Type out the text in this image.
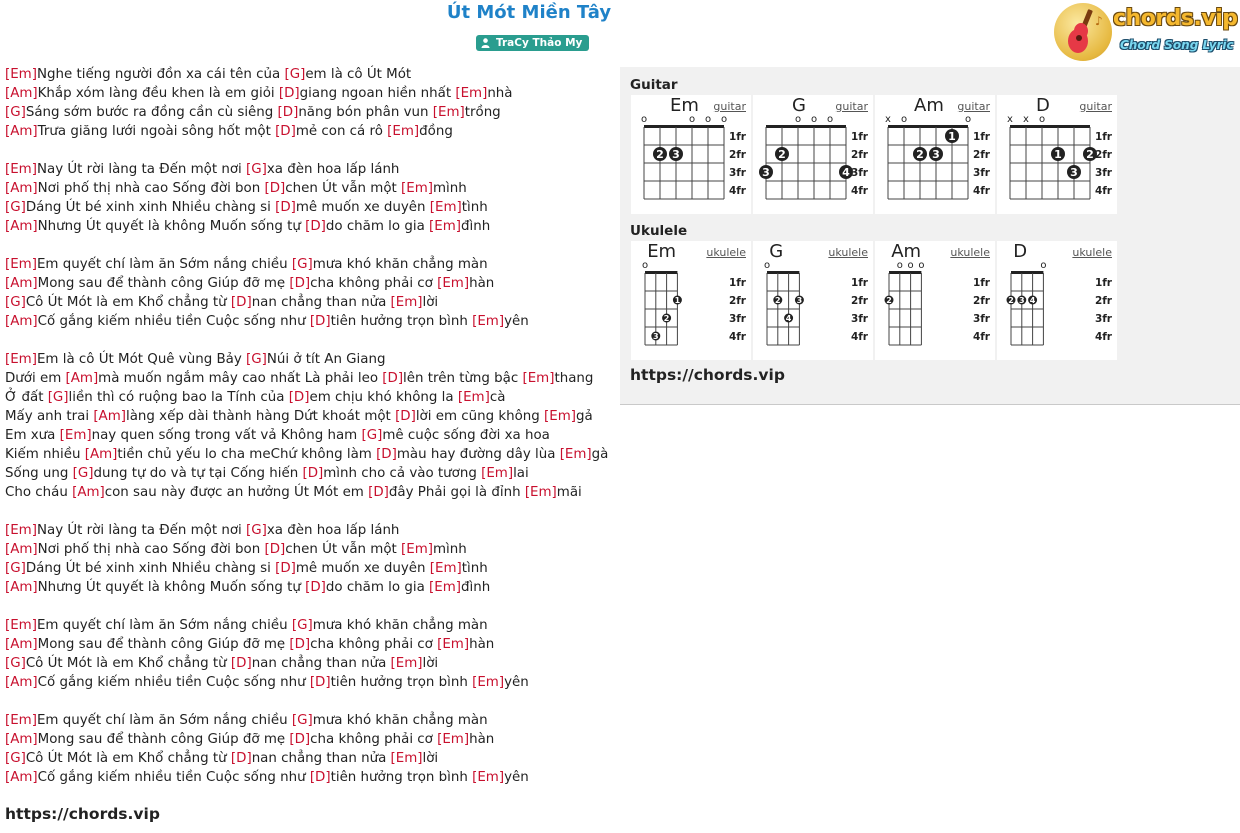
Út Mót Miền Tây
TraCy Thảo My
♪ chords.vip
Chord Song Lyric
[Em]Nghe tiếng người đồn xa cái tên của [G]em là cô Út Mót
[Am]Khắp xóm làng đều khen là em giỏi [D]giang ngoan hiền nhất [Em]nhà
[G]Sáng sớm bước ra đồng cần cù siêng [D]năng bón phân vun [Em]trồng
[Am]Trưa giăng lưới ngoài sông hốt một [D]mẻ con cá rô [Em]đồng
[Em]Nay Út rời làng ta Đến một nơi [G]xa đèn hoa lấp lánh
[Am]Nơi phố thị nhà cao Sống đời bon [D]chen Út vẫn một [Em]mình
[G]Dáng Út bé xinh xinh Nhiều chàng si [D]mê muốn xe duyên [Em]tình
[Am]Nhưng Út quyết là không Muốn sống tự [D]do chăm lo gia [Em]đình
[Em]Em quyết chí làm ăn Sớm nắng chiều [G]mưa khó khăn chẳng màn
[Am]Mong sau để thành công Giúp đỡ mẹ [D]cha không phải cơ [Em]hàn
[G]Cô Út Mót là em Khổ chẳng từ [D]nan chẳng than nửa [Em]lời
[Am]Cố gắng kiếm nhiều tiền Cuộc sống như [D]tiên hưởng trọn bình [Em]yên
[Em]Em là cô Út Mót Quê vùng Bảy [G]Núi ở tít An Giang
Dưới em [Am]mà muốn ngắm mây cao nhất Là phải leo [D]lên trên từng bậc [Em]thang
Ở đất [G]liền thì có ruộng bao la Tính của [D]em chịu khó không la [Em]cà
Mấy anh trai [Am]làng xếp dài thành hàng Dứt khoát một [D]lời em cũng không [Em]gả
Em xưa [Em]nay quen sống trong vất vả Không ham [G]mê cuộc sống đời xa hoa
Kiếm nhiều [Am]tiền chủ yếu lo cha meChứ không làm [D]màu hay đường dây lùa [Em]gà
Sống ung [G]dung tự do và tự tại Cống hiến [D]mình cho cả vào tương [Em]lai
Cho cháu [Am]con sau này được an hưởng Út Mót em [D]đây Phải gọi là đỉnh [Em]mãi
[Em]Nay Út rời làng ta Đến một nơi [G]xa đèn hoa lấp lánh
[Am]Nơi phố thị nhà cao Sống đời bon [D]chen Út vẫn một [Em]mình
[G]Dáng Út bé xinh xinh Nhiều chàng si [D]mê muốn xe duyên [Em]tình
[Am]Nhưng Út quyết là không Muốn sống tự [D]do chăm lo gia [Em]đình
[Em]Em quyết chí làm ăn Sớm nắng chiều [G]mưa khó khăn chẳng màn
[Am]Mong sau để thành công Giúp đỡ mẹ [D]cha không phải cơ [Em]hàn
[G]Cô Út Mót là em Khổ chẳng từ [D]nan chẳng than nửa [Em]lời
[Am]Cố gắng kiếm nhiều tiền Cuộc sống như [D]tiên hưởng trọn bình [Em]yên
[Em]Em quyết chí làm ăn Sớm nắng chiều [G]mưa khó khăn chẳng màn
[Am]Mong sau để thành công Giúp đỡ mẹ [D]cha không phải cơ [Em]hàn
[G]Cô Út Mót là em Khổ chẳng từ [D]nan chẳng than nửa [Em]lời
[Am]Cố gắng kiếm nhiều tiền Cuộc sống như [D]tiên hưởng trọn bình [Em]yên
https://chords.vip
Guitar
o	o o o
2 3
1fr
2fr
3fr
4fr
Em guitar
o o o
3
2
4
1fr
2fr
3fr
4fr
G	guitar
x o	o
2 3
1 1fr
2fr
3fr
4fr
Am guitar
x x o
1
3
2
1fr
2fr
3fr
4fr
D	guitar
Ukulele
o
3
2
1
1fr
2fr
3fr
4fr
Em	ukulele
o
2
4
3
1fr
2fr
3fr
4fr
G	ukulele
o o o
2
1fr
2fr
3fr
4fr
Am	ukulele
o
2 3 4
1fr
2fr
3fr
4fr
D	ukulele
https://chords.vip
